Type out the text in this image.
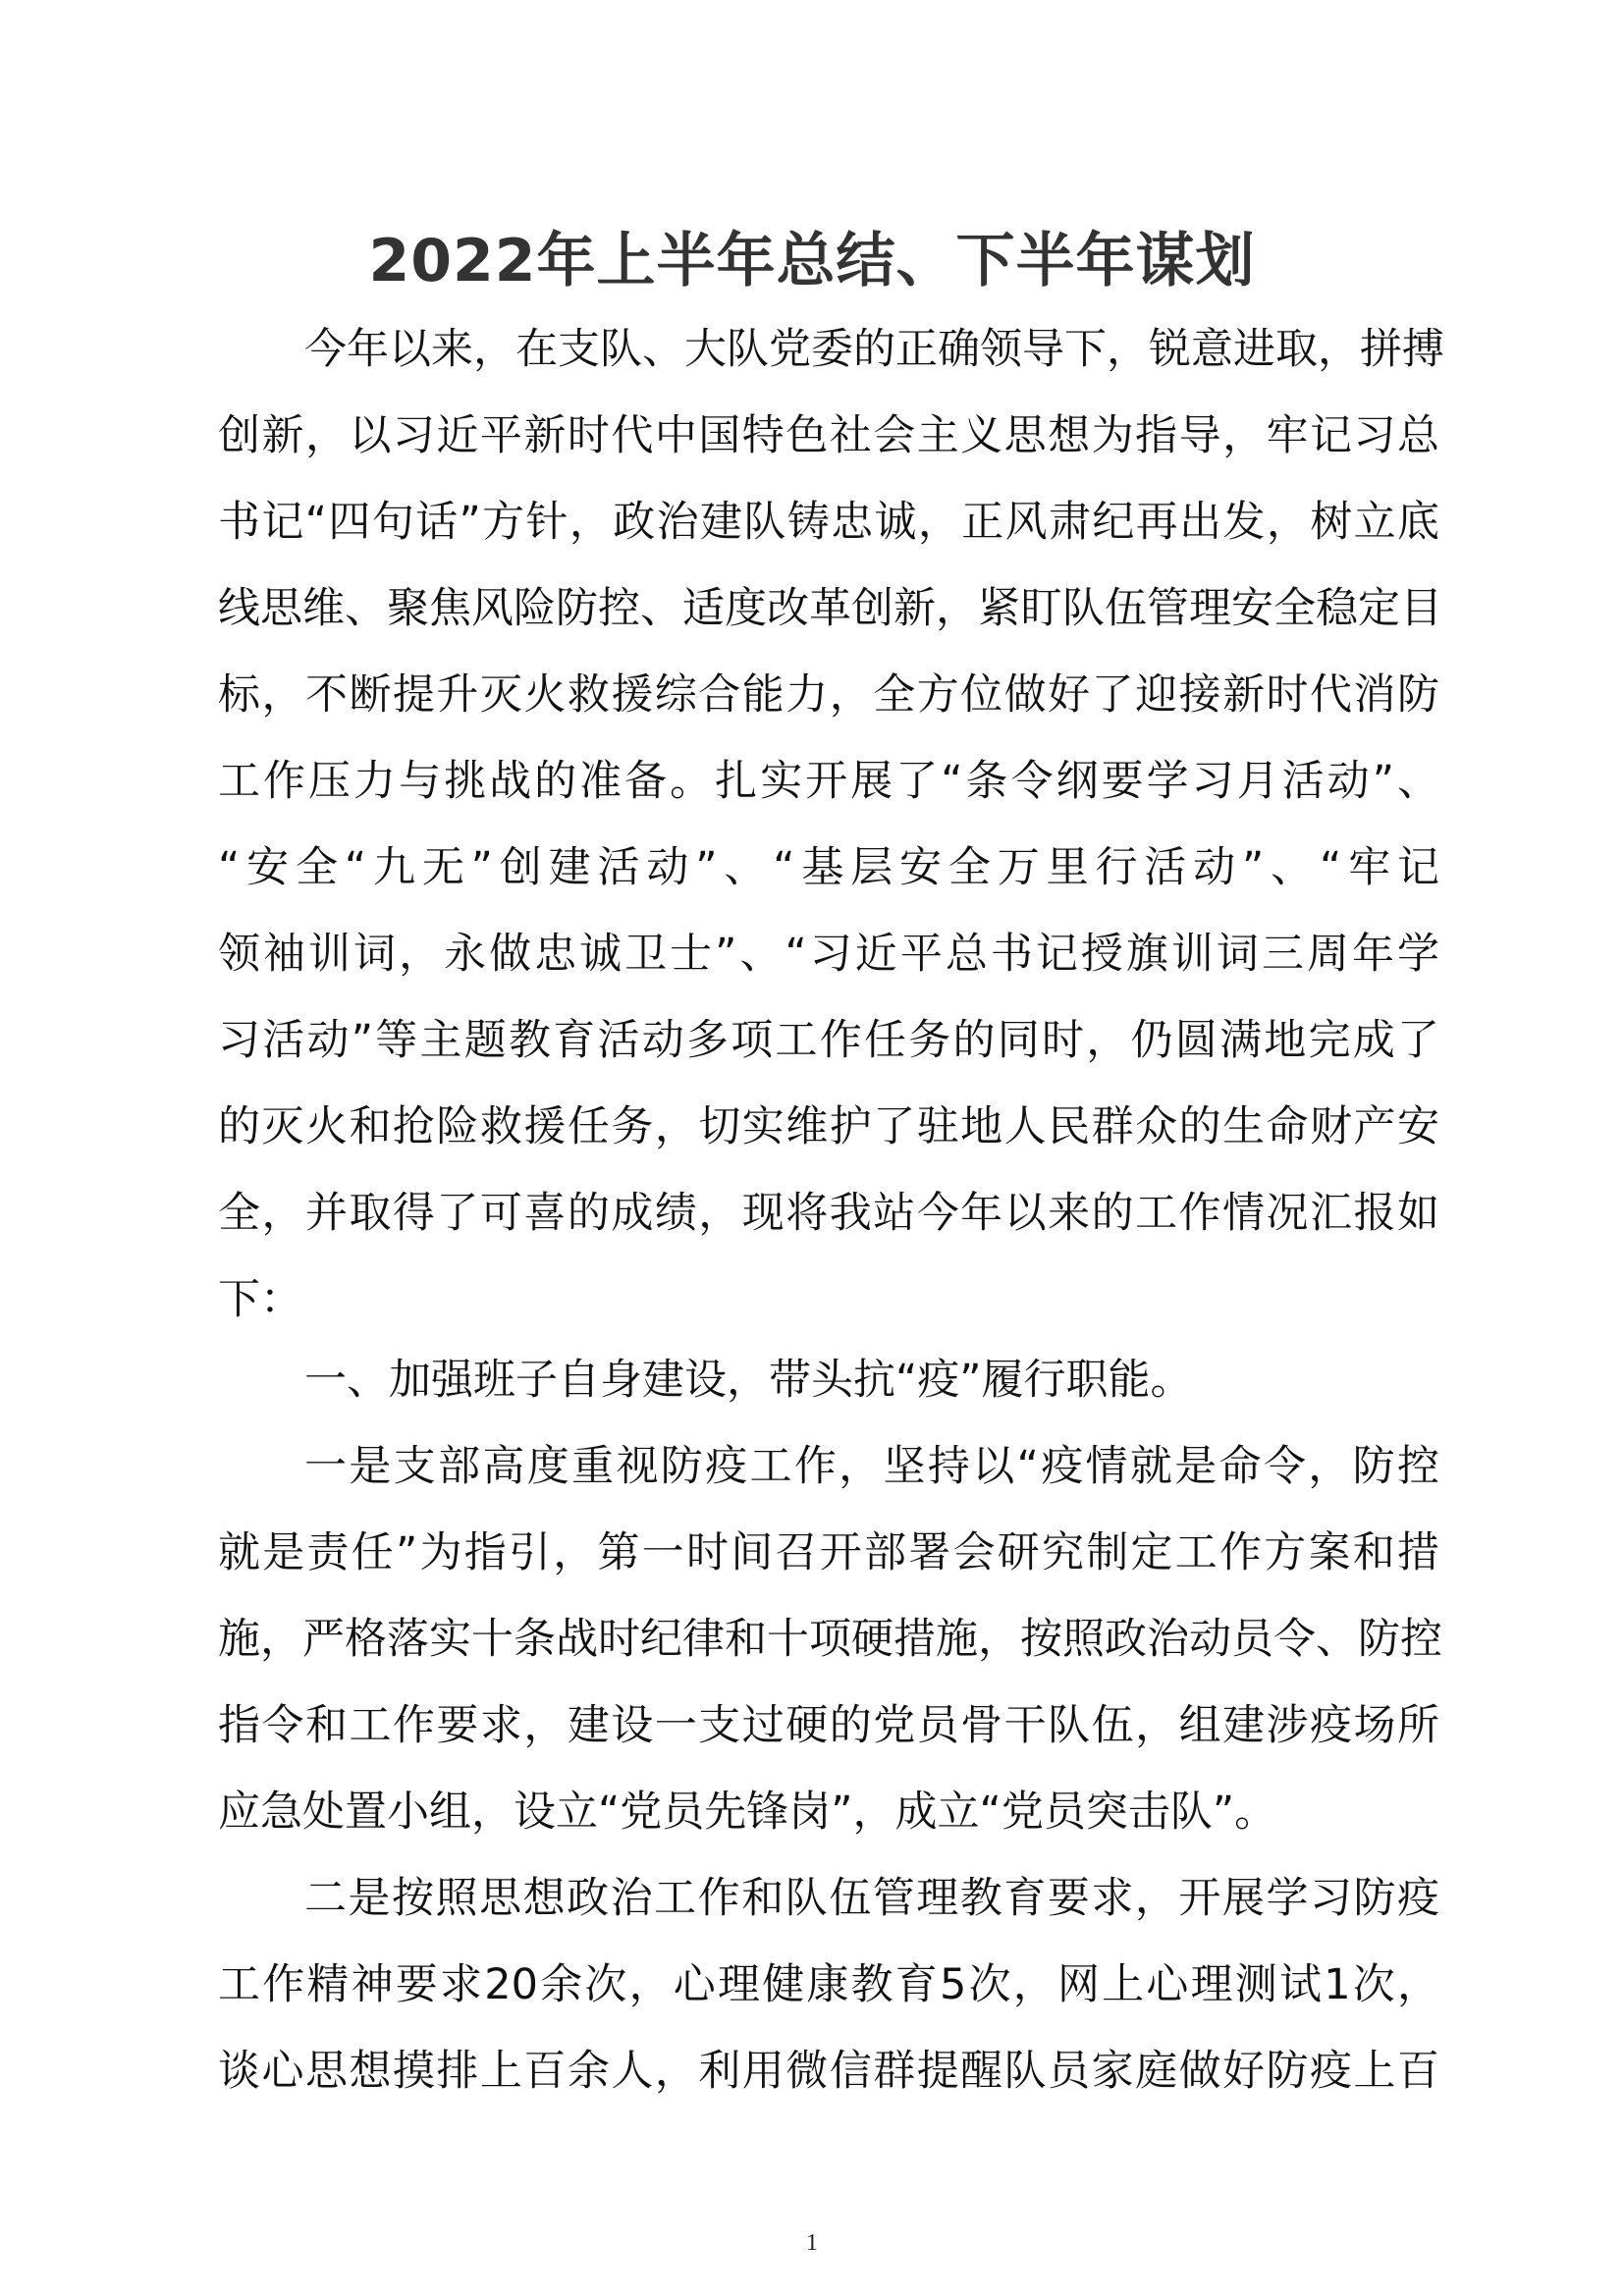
2022年上半年总结、下半年谋划
今年以来，在支队、大队党委的正确领导下，锐意进取，拼搏
创新，以习近平新时代中国特色社会主义思想为指导，牢记习总
书记“四句话”方针，政治建队铸忠诚，正风肃纪再出发，树立底
线思维、聚焦风险防控、适度改革创新，紧盯队伍管理安全稳定目
标，不断提升灭火救援综合能力，全方位做好了迎接新时代消防
工作压力与挑战的准备。扎实开展了“条令纲要学习月活动”、
“安全“九无”创建活动”、“基层安全万里行活动”、“牢记
领袖训词，永做忠诚卫士”、“习近平总书记授旗训词三周年学
习活动”等主题教育活动多项工作任务的同时，仍圆满地完成了
的灭火和抢险救援任务，切实维护了驻地人民群众的生命财产安
全，并取得了可喜的成绩，现将我站今年以来的工作情况汇报如
下：
一、加强班子自身建设，带头抗“疫”履行职能。
一是支部高度重视防疫工作，坚持以“疫情就是命令，防控
就是责任”为指引，第一时间召开部署会研究制定工作方案和措
施，严格落实十条战时纪律和十项硬措施，按照政治动员令、防控
指令和工作要求，建设一支过硬的党员骨干队伍，组建涉疫场所
应急处置小组，设立“党员先锋岗”，成立“党员突击队”。
二是按照思想政治工作和队伍管理教育要求，开展学习防疫
工作精神要求20余次，心理健康教育5次，网上心理测试1次，
谈心思想摸排上百余人，利用微信群提醒队员家庭做好防疫上百
1
